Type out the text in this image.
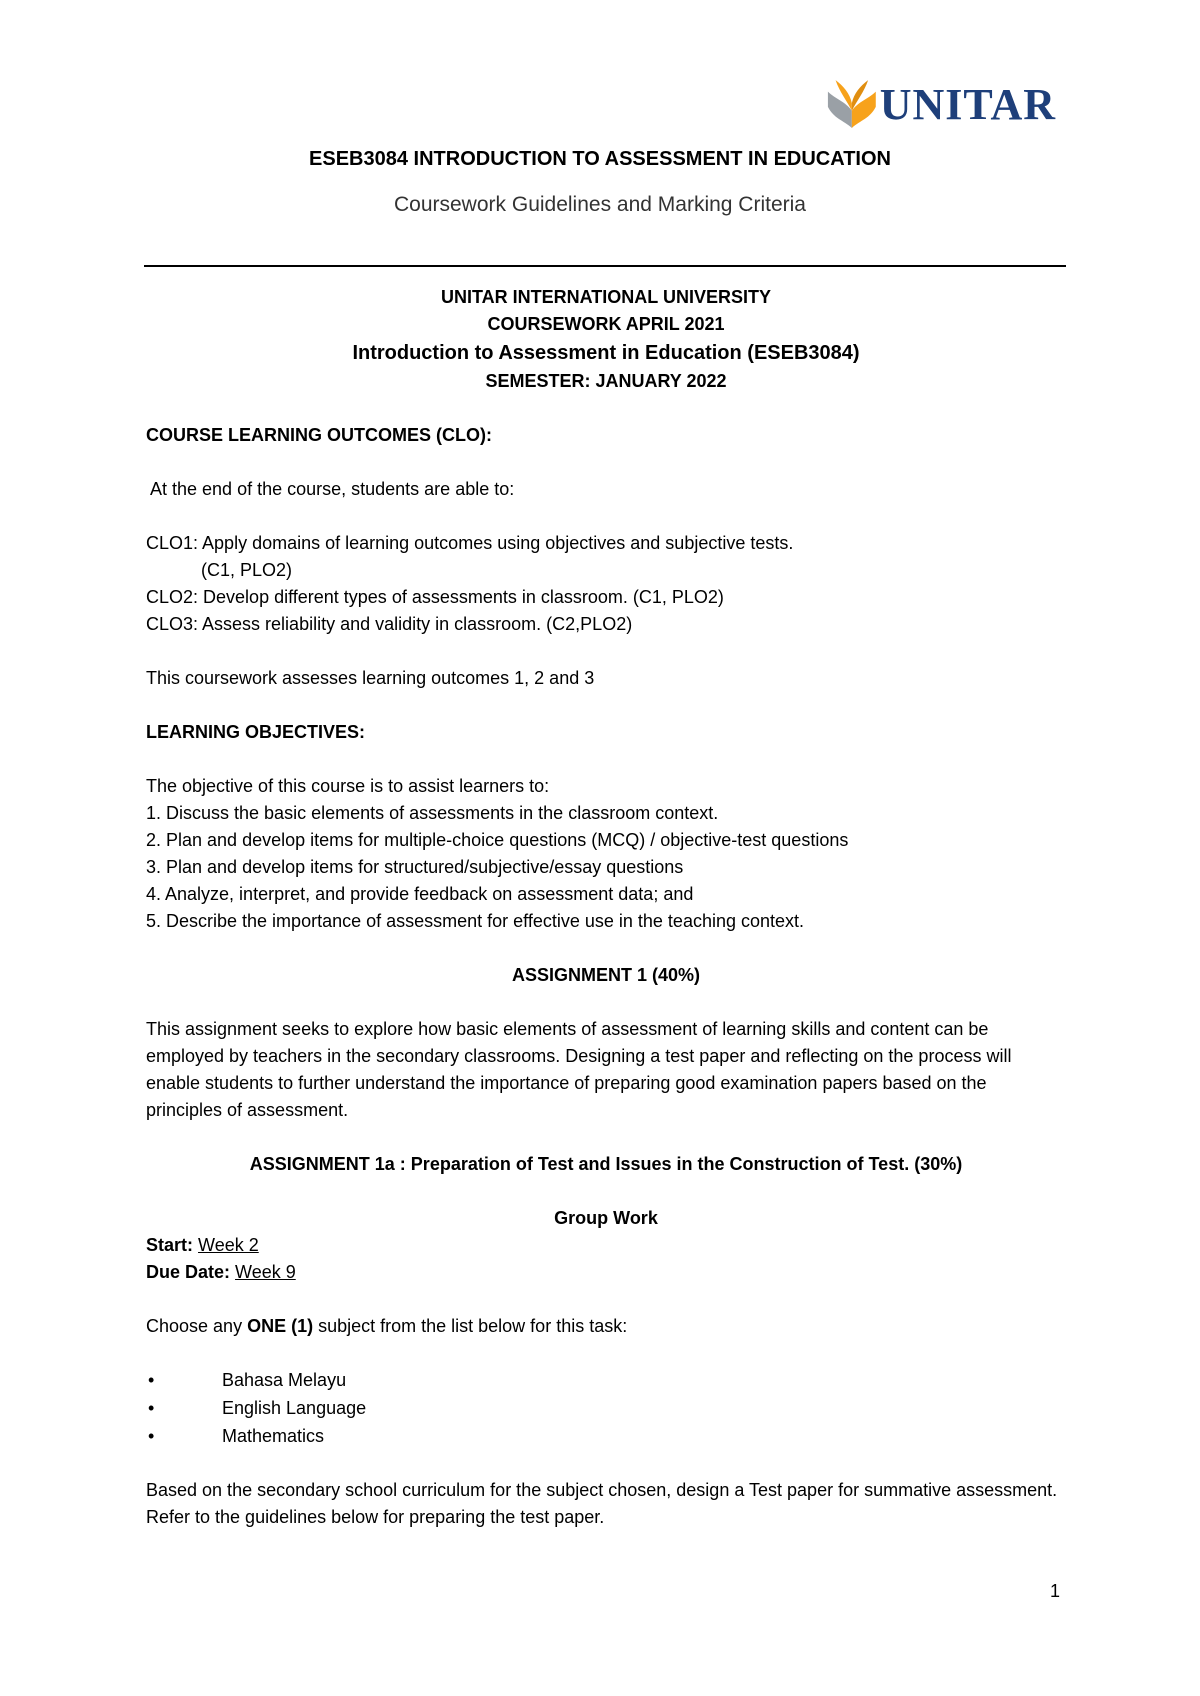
UNITAR
ESEB3084 INTRODUCTION TO ASSESSMENT IN EDUCATION
Coursework Guidelines and Marking Criteria
UNITAR INTERNATIONAL UNIVERSITY
COURSEWORK APRIL 2021
Introduction to Assessment in Education (ESEB3084)
SEMESTER: JANUARY 2022
COURSE LEARNING OUTCOMES (CLO):
At the end of the course, students are able to:
CLO1: Apply domains of learning outcomes using objectives and subjective tests.
(C1, PLO2)
CLO2: Develop different types of assessments in classroom. (C1, PLO2)
CLO3: Assess reliability and validity in classroom. (C2,PLO2)
This coursework assesses learning outcomes 1, 2 and 3
LEARNING OBJECTIVES:
The objective of this course is to assist learners to:
1. Discuss the basic elements of assessments in the classroom context.
2. Plan and develop items for multiple-choice questions (MCQ) / objective-test questions
3. Plan and develop items for structured/subjective/essay questions
4. Analyze, interpret, and provide feedback on assessment data; and
5. Describe the importance of assessment for effective use in the teaching context.
ASSIGNMENT 1 (40%)

This assignment seeks to explore how basic elements of assessment of learning skills and content can be employed by teachers in the secondary classrooms. Designing a test paper and reflecting on the process will enable students to further understand the importance of preparing good examination papers based on the principles of assessment.

ASSIGNMENT 1a : Preparation of Test and Issues in the Construction of Test. (30%)
Group Work
Start: Week 2
Due Date: Week 9
Choose any ONE (1) subject from the list below for this task:
•	Bahasa Melayu
•	English Language
•	Mathematics

Based on the secondary school curriculum for the subject chosen, design a Test paper for summative assessment. Refer to the guidelines below for preparing the test paper.

1
